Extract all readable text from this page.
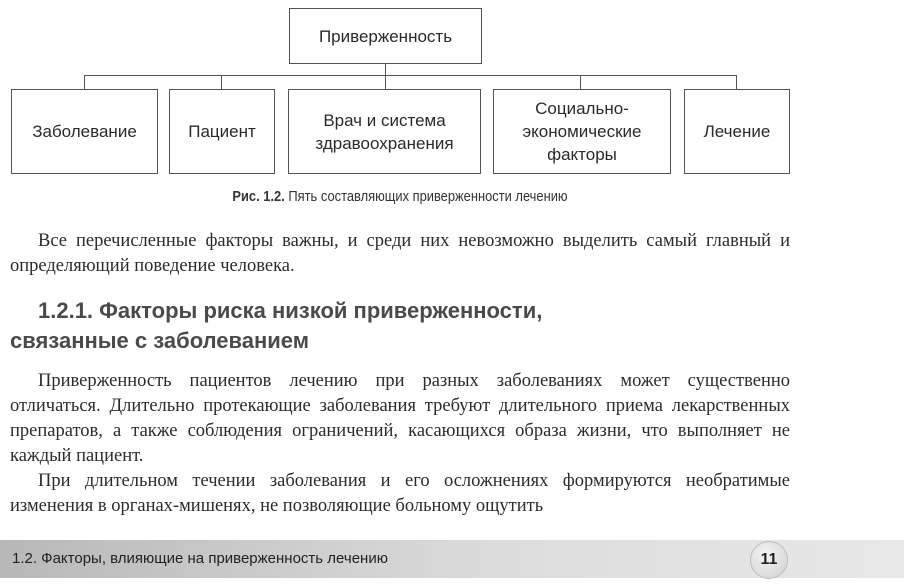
Приверженность
Заболевание	Пациент
Врач и система здравоохранения
Социально-
экономические
факторы
Лечение
Рис. 1.2. Пять составляющих приверженности лечению
Все перечисленные факторы важны, и среди них невозможно выделить самый главный и определяющий поведение человека.
1.2.1. Факторы риска низкой приверженности,
связанные с заболеванием
Приверженность пациентов лечению при разных заболеваниях может существенно отличаться. Длительно протекающие заболевания требуют длительного приема лекарственных препаратов, а также соблюдения ограничений, касающихся образа жизни, что выполняет не каждый пациент.
При длительном течении заболевания и его осложнениях формируются необратимые изменения в органах-мишенях, не позволяющие больному ощутить
1.2. Факторы, влияющие на приверженность лечению	11
